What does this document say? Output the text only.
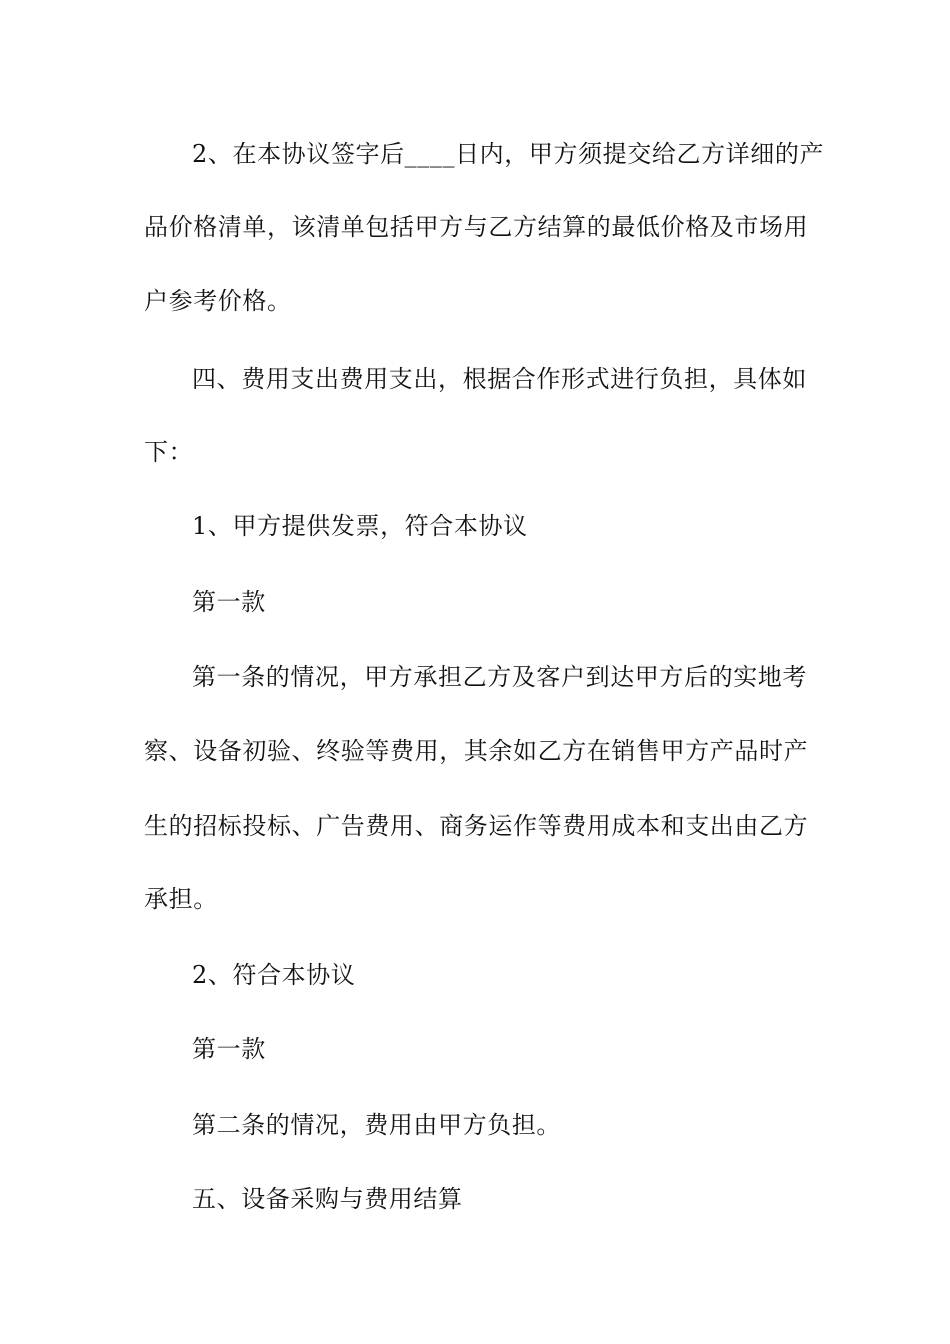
2、在本协议签字后____日内，甲方须提交给乙方详细的产
品价格清单，该清单包括甲方与乙方结算的最低价格及市场用
户参考价格。
四、费用支出费用支出，根据合作形式进行负担，具体如
下：
1、甲方提供发票，符合本协议
第一款
第一条的情况，甲方承担乙方及客户到达甲方后的实地考
察、设备初验、终验等费用，其余如乙方在销售甲方产品时产
生的招标投标、广告费用、商务运作等费用成本和支出由乙方
承担。
2、符合本协议
第一款
第二条的情况，费用由甲方负担。
五、设备采购与费用结算
